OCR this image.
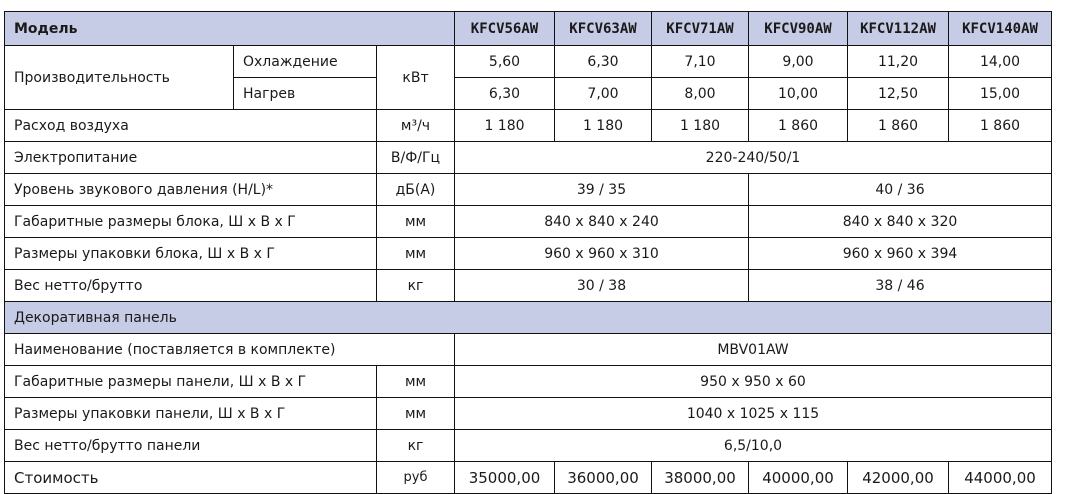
Модель			KFCV56AW	KFCV63AW	KFCV71AW	KFCV90AW	KFCV112AW	KFCV140AW
Производительность	Охлаждение	кВт	5,60	6,30	7,10	9,00	11,20	14,00
	Нагрев		6,30	7,00	8,00	10,00	12,50	15,00
Расход воздуха		м³/ч	1 180	1 180	1 180	1 860	1 860	1 860
Электропитание		В/Ф/Гц	220-240/50/1					
Уровень звукового давления (H/L)*		дБ(А)	39 / 35			40 / 36		
Габаритные размеры блока, Ш х В х Г		мм	840 х 840 х 240			840 х 840 х 320		
Размеры упаковки блока, Ш х В х Г		мм	960 х 960 х 310			960 х 960 х 394		
Вес нетто/брутто		кг	30 / 38			38 / 46		
Декоративная панель								
Наименование (поставляется в комплекте)			MBV01AW					
Габаритные размеры панели, Ш х В х Г		мм	950 х 950 х 60					
Размеры упаковки панели, Ш х В х Г		мм	1040 х 1025 х 115					
Вес нетто/брутто панели		кг	6,5/10,0					
Стоимость		руб	35000,00	36000,00	38000,00	40000,00	42000,00	44000,00
